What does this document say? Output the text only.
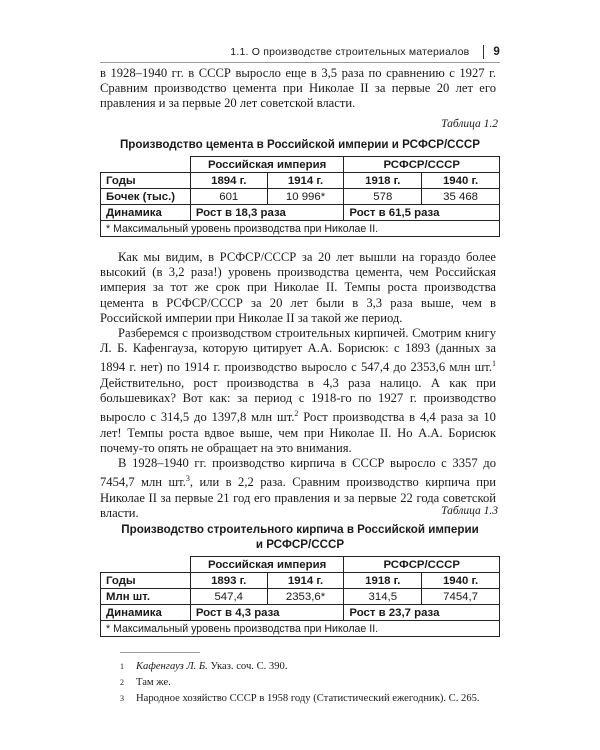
1.1. О производстве строительных материалов 9

в 1928–1940 гг. в СССР выросло еще в 3,5 раза по сравнению с 1927 г. Сравним производство цемента при Николае II за первые 20 лет его правления и за первые 20 лет советской власти.

Таблица 1.2
Производство цемента в Российской империи и РСФСР/СССР
	Российская империя		РСФСР/СССР	
Годы	1894 г.	1914 г.	1918 г.	1940 г.
Бочек (тыс.)	601	10 996*	578	35 468
Динамика	Рост в 18,3 раза		Рост в 61,5 раза	
* Максимальный уровень производства при Николае II.				

Как мы видим, в РСФСР/СССР за 20 лет вышли на гораздо более высокий (в 3,2 раза!) уровень производства цемента, чем Российская империя за тот же срок при Николае II. Темпы роста производства цемента в РСФСР/СССР за 20 лет были в 3,3 раза выше, чем в Российской империи при Николае II за такой же период.

Разберемся с производством строительных кирпичей. Смотрим книгу Л. Б. Кафенгауза, которую цитирует А.А. Борисюк: с 1893 (данных за 1894 г. нет) по 1914 г. производство выросло с 547,4 до 2353,6 млн шт.$^1$ Действительно, рост производства в 4,3 раза налицо. А как при большевиках? Вот как: за период с 1918-го по 1927 г. производство выросло с 314,5 до 1397,8 млн шт.$^2$ Рост производства в 4,4 раза за 10 лет! Темпы роста вдвое выше, чем при Николае II. Но А.А. Борисюк почему-то опять не обращает на это внимания.

В 1928–1940 гг. производство кирпича в СССР выросло с 3357 до 7454,7 млн шт.$^3$, или в 2,2 раза. Сравним производство кирпича при Николае II за первые 21 год его правления и за первые 22 года советской власти.	Таблица 1.3
Производство строительного кирпича в Российской империи
и РСФСР/СССР
	Российская империя		РСФСР/СССР	
Годы	1893 г.	1914 г.	1918 г.	1940 г.
Млн шт.	547,4	2353,6*	314,5	7454,7
Динамика	Рост в 4,3 раза		Рост в 23,7 раза	
* Максимальный уровень производства при Николае II.				
1 Кафенгауз Л. Б. Указ. соч. С. 390.
2 Там же.
3 Народное хозяйство СССР в 1958 году (Статистический ежегодник). С. 265.
